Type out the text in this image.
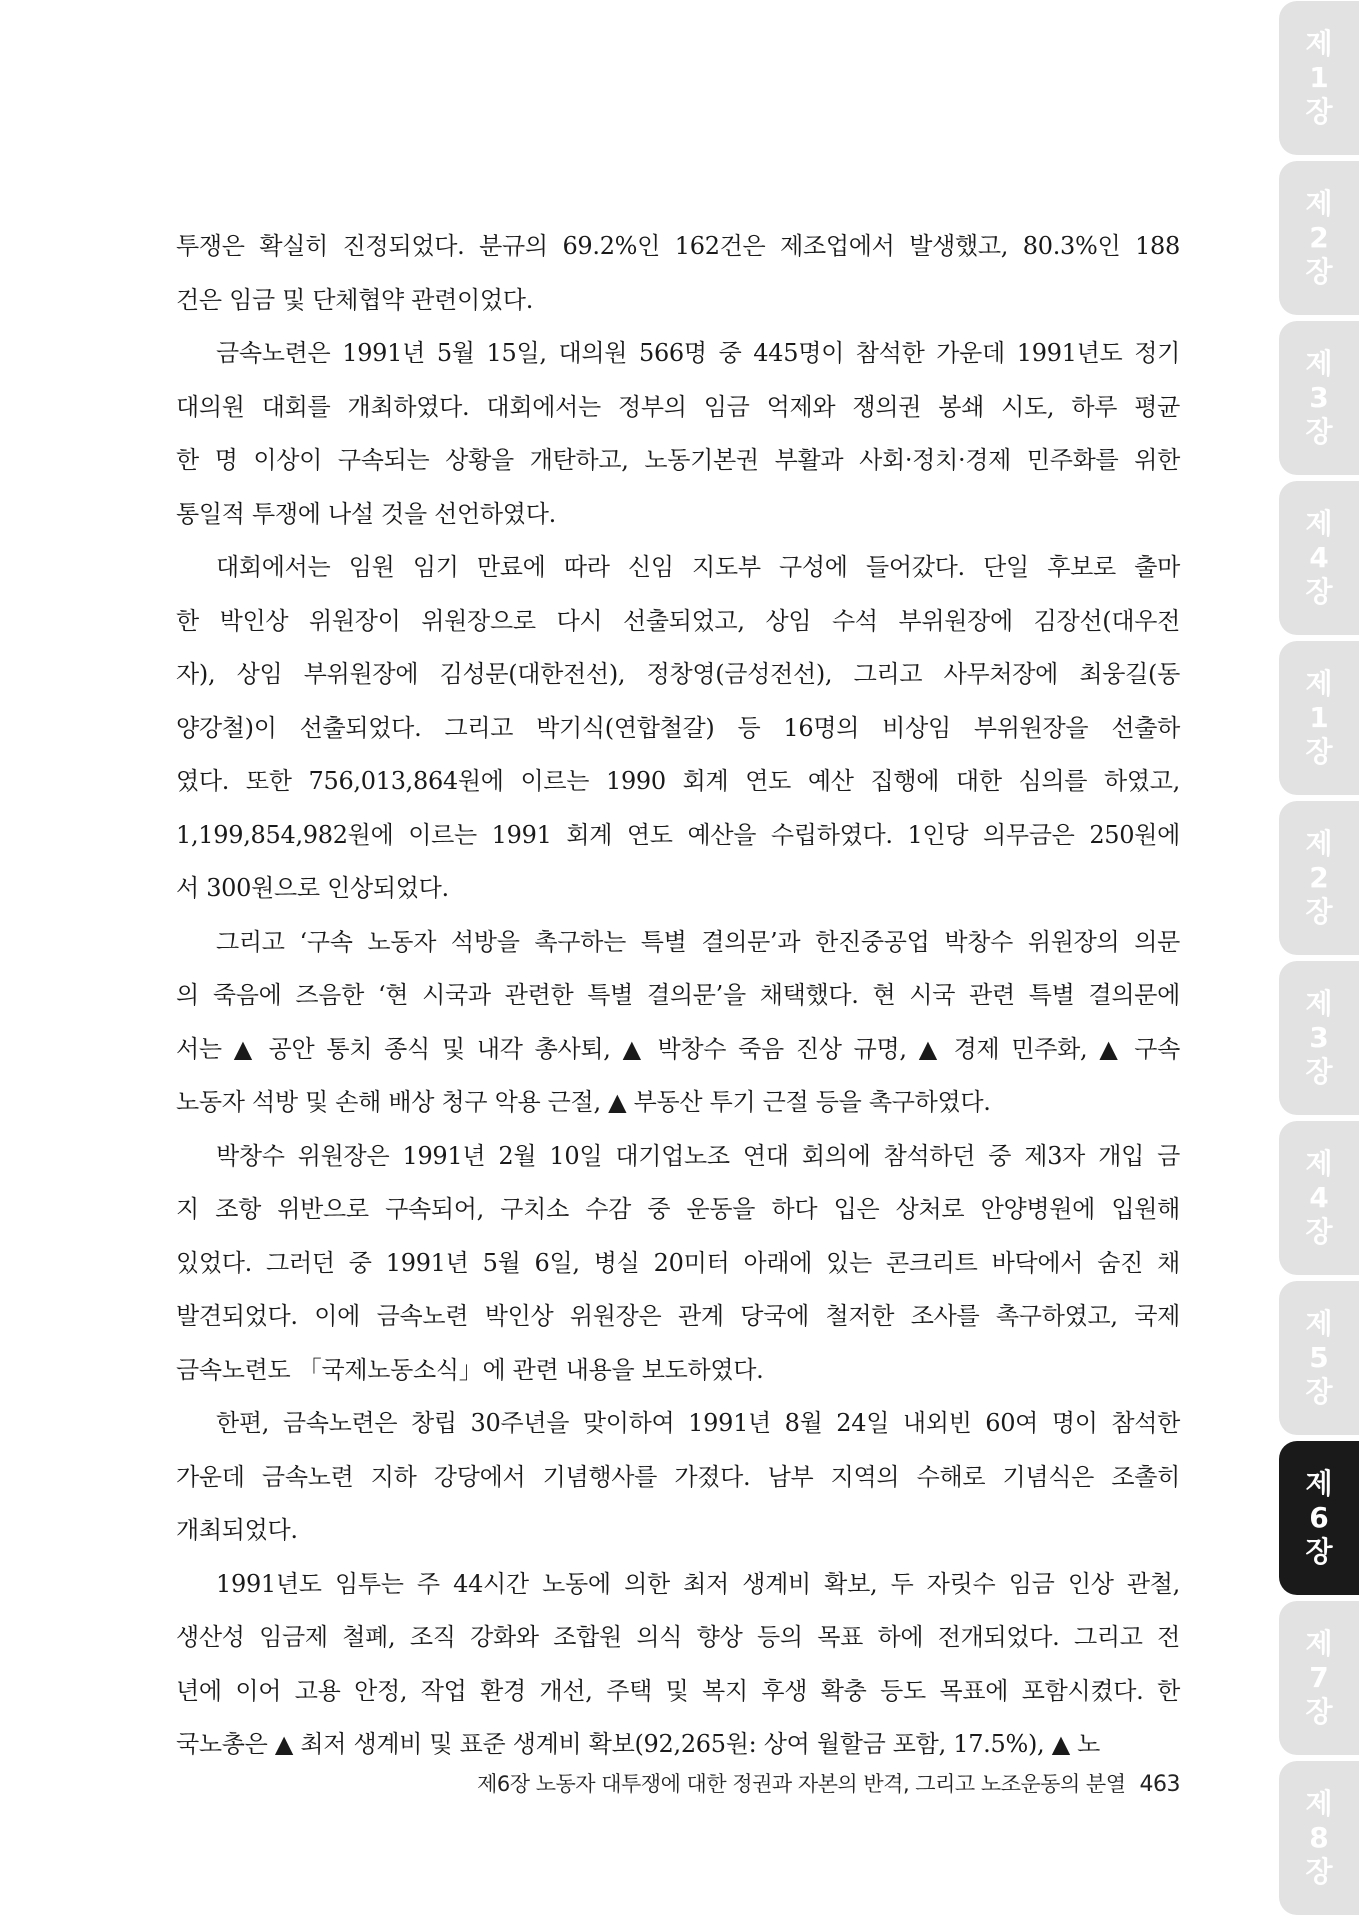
투쟁은 확실히 진정되었다. 분규의 69.2%인 162건은 제조업에서 발생했고, 80.3%인 188
건은 임금 및 단체협약 관련이었다.
금속노련은 1991년 5월 15일, 대의원 566명 중 445명이 참석한 가운데 1991년도 정기
대의원 대회를 개최하였다. 대회에서는 정부의 임금 억제와 쟁의권 봉쇄 시도, 하루 평균
한 명 이상이 구속되는 상황을 개탄하고, 노동기본권 부활과 사회·정치·경제 민주화를 위한
통일적 투쟁에 나설 것을 선언하였다.
대회에서는 임원 임기 만료에 따라 신임 지도부 구성에 들어갔다. 단일 후보로 출마
한 박인상 위원장이 위원장으로 다시 선출되었고, 상임 수석 부위원장에 김장선(대우전
자), 상임 부위원장에 김성문(대한전선), 정창영(금성전선), 그리고 사무처장에 최웅길(동
양강철)이 선출되었다. 그리고 박기식(연합철갈) 등 16명의 비상임 부위원장을 선출하
였다. 또한 756,013,864원에 이르는 1990 회계 연도 예산 집행에 대한 심의를 하였고,
1,199,854,982원에 이르는 1991 회계 연도 예산을 수립하였다. 1인당 의무금은 250원에
서 300원으로 인상되었다.
그리고 ‘구속 노동자 석방을 촉구하는 특별 결의문’과 한진중공업 박창수 위원장의 의문
의 죽음에 즈음한 ‘현 시국과 관련한 특별 결의문’을 채택했다. 현 시국 관련 특별 결의문에
서는 ▲ 공안 통치 종식 및 내각 총사퇴, ▲ 박창수 죽음 진상 규명, ▲ 경제 민주화, ▲ 구속
노동자 석방 및 손해 배상 청구 악용 근절, ▲ 부동산 투기 근절 등을 촉구하였다.
박창수 위원장은 1991년 2월 10일 대기업노조 연대 회의에 참석하던 중 제3자 개입 금
지 조항 위반으로 구속되어, 구치소 수감 중 운동을 하다 입은 상처로 안양병원에 입원해
있었다. 그러던 중 1991년 5월 6일, 병실 20미터 아래에 있는 콘크리트 바닥에서 숨진 채
발견되었다. 이에 금속노련 박인상 위원장은 관계 당국에 철저한 조사를 촉구하였고, 국제
금속노련도 「국제노동소식」에 관련 내용을 보도하였다.
한편, 금속노련은 창립 30주년을 맞이하여 1991년 8월 24일 내외빈 60여 명이 참석한
가운데 금속노련 지하 강당에서 기념행사를 가졌다. 남부 지역의 수해로 기념식은 조촐히
개최되었다.
1991년도 임투는 주 44시간 노동에 의한 최저 생계비 확보, 두 자릿수 임금 인상 관철,
생산성 임금제 철폐, 조직 강화와 조합원 의식 향상 등의 목표 하에 전개되었다. 그리고 전
년에 이어 고용 안정, 작업 환경 개선, 주택 및 복지 후생 확충 등도 목표에 포함시켰다. 한
국노총은 ▲ 최저 생계비 및 표준 생계비 확보(92,265원: 상여 월할금 포함, 17.5%), ▲ 노
제6장 노동자 대투쟁에 대한 정권과 자본의 반격, 그리고 노조운동의 분열 463
제
1
장
제
2
장
제
3
장
제
4
장
제
1
장
제
2
장
제
3
장
제
4
장
제
5
장
제
6
장
제
7
장
제
8
장
